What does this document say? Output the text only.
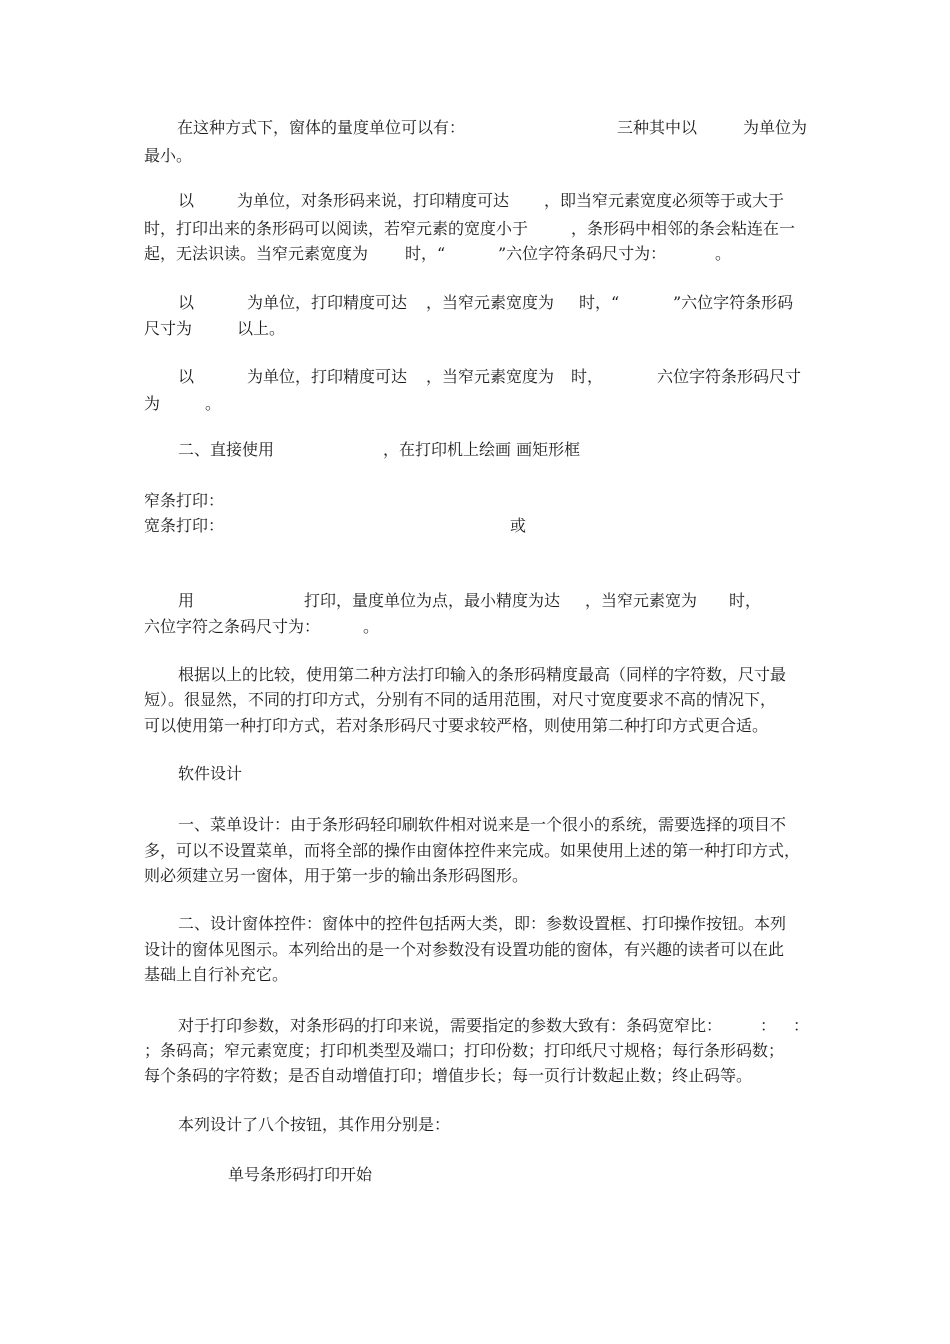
在这种方式下，窗体的量度单位可以有：	三种其中以	为单位为
最小。
以	为单位，对条形码来说，打印精度可达 ，即当窄元素宽度必须等于或大于
时，打印出来的条形码可以阅读，若窄元素的宽度小于	，条形码中相邻的条会粘连在一
起，无法识读。当窄元素宽度为 时，“	”六位字符条码尺寸为：	。
以	为单位，打印精度可达 ，当窄元素宽度为 时，“	”六位字符条形码
尺寸为	以上。
以	为单位，打印精度可达 ，当窄元素宽度为 时，	六位字符条形码尺寸
为	。
二、直接使用	，在打印机上绘画 画矩形框
窄条打印：
宽条打印：	或
用	打印，量度单位为点，最小精度为达 ，当窄元素宽为 时，
六位字符之条码尺寸为：	。
根据以上的比较，使用第二种方法打印输入的条形码精度最高（同样的字符数，尺寸最
短）。很显然，不同的打印方式，分别有不同的适用范围，对尺寸宽度要求不高的情况下，
可以使用第一种打印方式，若对条形码尺寸要求较严格，则使用第二种打印方式更合适。
软件设计
一、菜单设计：由于条形码轻印刷软件相对说来是一个很小的系统，需要选择的项目不
多，可以不设置菜单，而将全部的操作由窗体控件来完成。如果使用上述的第一种打印方式，
则必须建立另一窗体，用于第一步的输出条形码图形。
二、设计窗体控件：窗体中的控件包括两大类，即：参数设置框、打印操作按钮。本列
设计的窗体见图示。本列给出的是一个对参数没有设置功能的窗体，有兴趣的读者可以在此
基础上自行补充它。
对于打印参数，对条形码的打印来说，需要指定的参数大致有：条码宽窄比： ： ：
；条码高；窄元素宽度；打印机类型及端口；打印份数；打印纸尺寸规格；每行条形码数；
每个条码的字符数；是否自动增值打印；增值步长；每一页行计数起止数；终止码等。
本列设计了八个按钮，其作用分别是：
单号条形码打印开始
